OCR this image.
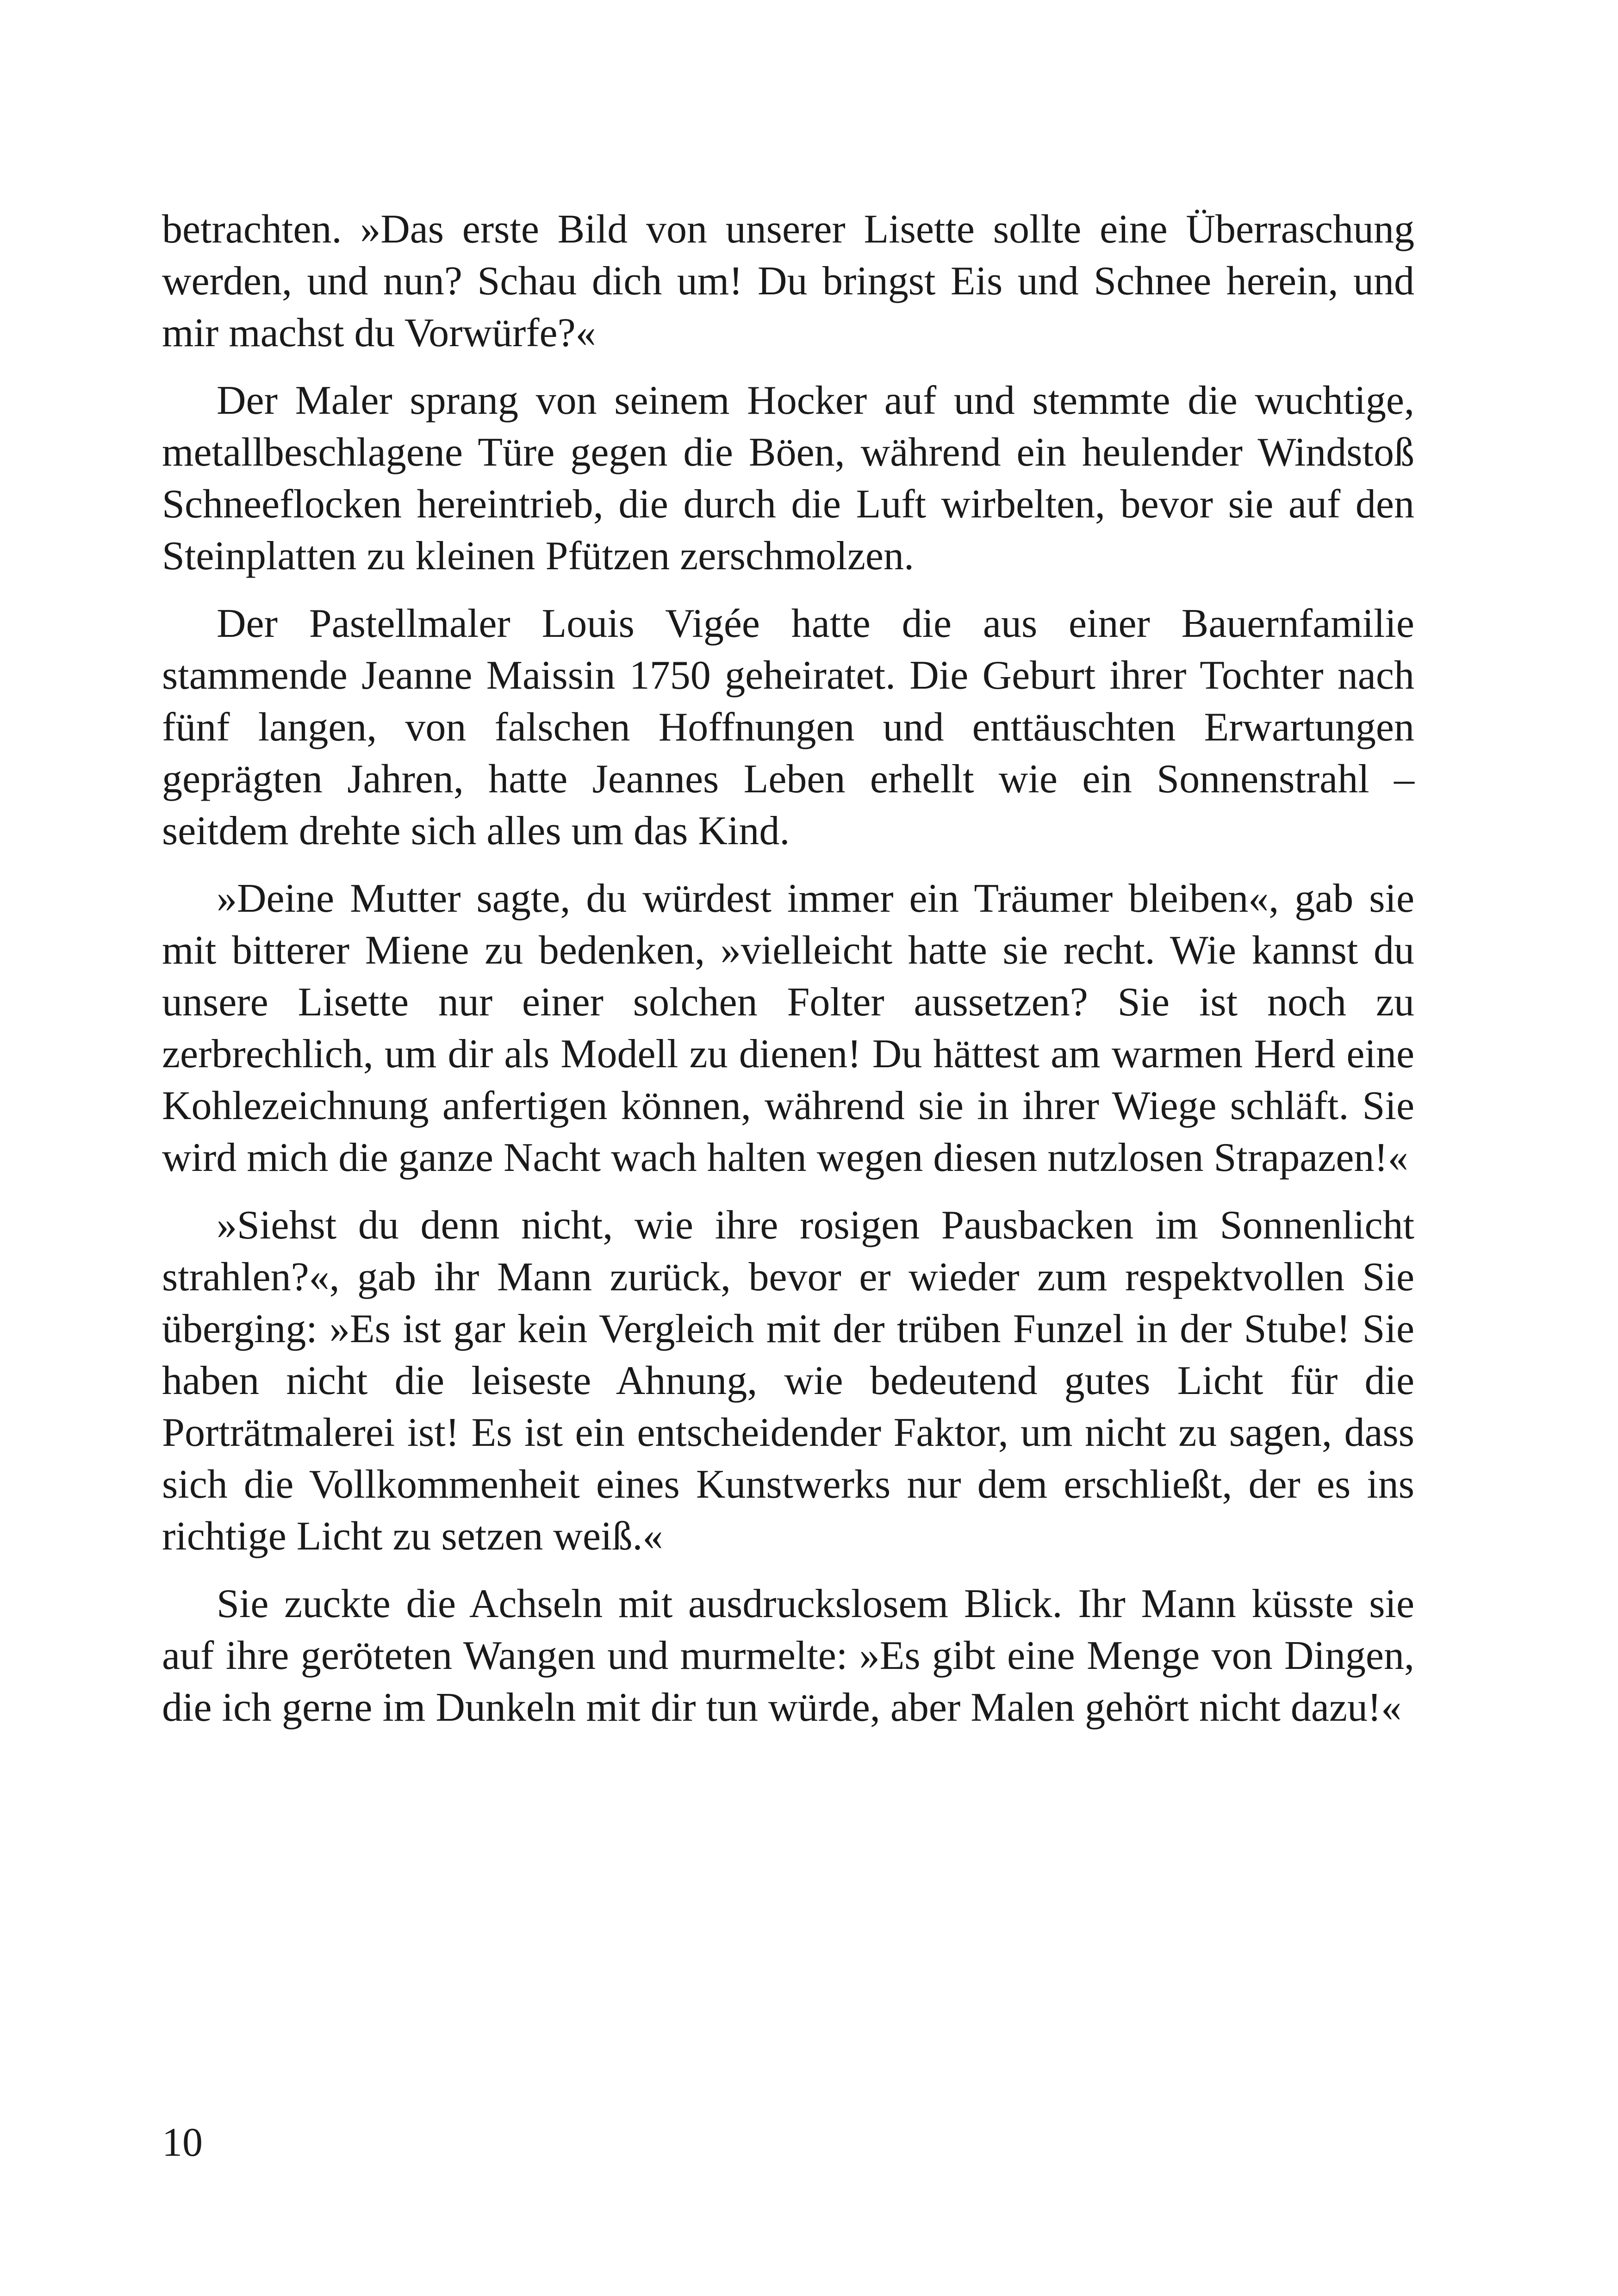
betrachten. »Das erste Bild von unserer Lisette sollte eine Überraschung werden, und nun? Schau dich um! Du bringst Eis und Schnee herein, und mir machst du Vorwürfe?«

Der Maler sprang von seinem Hocker auf und stemmte die wuchtige, metallbeschlagene Türe gegen die Böen, während ein heulender Windstoß Schneeflocken hereintrieb, die durch die Luft wirbelten, bevor sie auf den Steinplatten zu kleinen Pfützen zerschmolzen.

Der Pastellmaler Louis Vigée hatte die aus einer Bauernfamilie stammende Jeanne Maissin 1750 geheiratet. Die Geburt ihrer Tochter nach fünf langen, von falschen Hoffnungen und enttäuschten Erwartungen geprägten Jahren, hatte Jeannes Leben erhellt wie ein Sonnenstrahl – seitdem drehte sich alles um das Kind.

»Deine Mutter sagte, du würdest immer ein Träumer bleiben«, gab sie mit bitterer Miene zu bedenken, »vielleicht hatte sie recht. Wie kannst du unsere Lisette nur einer solchen Folter aussetzen? Sie ist noch zu zerbrechlich, um dir als Modell zu dienen! Du hättest am warmen Herd eine Kohlezeichnung anfertigen können, während sie in ihrer Wiege schläft. Sie wird mich die ganze Nacht wach halten wegen diesen nutzlosen Strapazen!«

»Siehst du denn nicht, wie ihre rosigen Pausbacken im Sonnenlicht strahlen?«, gab ihr Mann zurück, bevor er wieder zum respektvollen Sie überging: »Es ist gar kein Vergleich mit der trüben Funzel in der Stube! Sie haben nicht die leiseste Ahnung, wie bedeutend gutes Licht für die Porträtmalerei ist! Es ist ein entscheidender Faktor, um nicht zu sagen, dass sich die Vollkommenheit eines Kunstwerks nur dem erschließt, der es ins richtige Licht zu setzen weiß.«

Sie zuckte die Achseln mit ausdruckslosem Blick. Ihr Mann küsste sie auf ihre geröteten Wangen und murmelte: »Es gibt eine Menge von Dingen, die ich gerne im Dunkeln mit dir tun würde, aber Malen gehört nicht dazu!«

10
